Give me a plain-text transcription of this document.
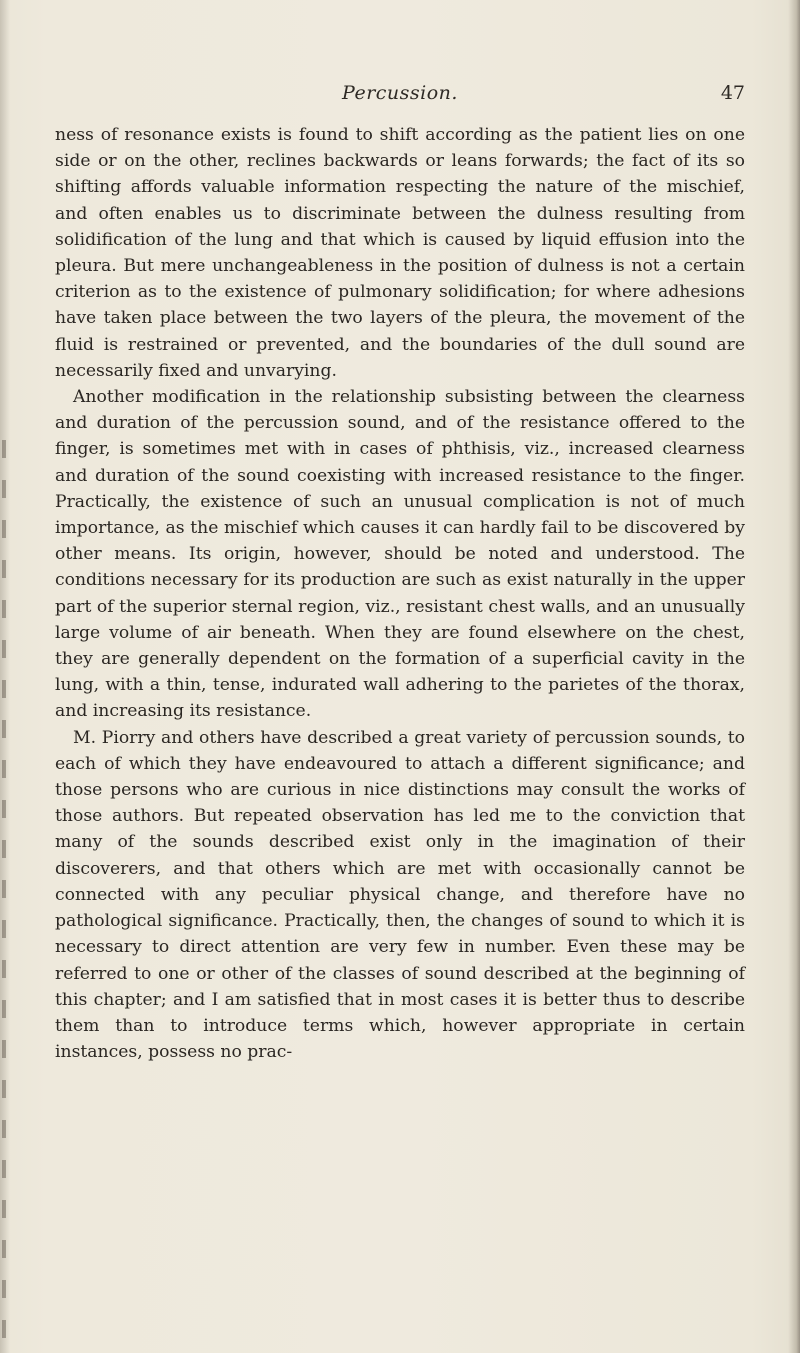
Percussion.	47

ness of resonance exists is found to shift according as the patient lies on one side or on the other, reclines backwards or leans forwards; the fact of its so shifting affords valuable information respecting the nature of the mischief, and often enables us to discriminate between the dulness resulting from solidification of the lung and that which is caused by liquid effusion into the pleura. But mere unchangeableness in the position of dulness is not a certain criterion as to the existence of pulmonary solidification; for where adhesions have taken place between the two layers of the pleura, the movement of the fluid is restrained or prevented, and the boundaries of the dull sound are necessarily fixed and unvarying.

Another modification in the relationship subsisting between the clearness and duration of the percussion sound, and of the resistance offered to the finger, is sometimes met with in cases of phthisis, viz., increased clearness and duration of the sound coexisting with increased resistance to the finger. Practically, the existence of such an unusual complication is not of much importance, as the mischief which causes it can hardly fail to be discovered by other means. Its origin, however, should be noted and understood. The conditions necessary for its production are such as exist naturally in the upper part of the superior sternal region, viz., resistant chest walls, and an unusually large volume of air beneath. When they are found elsewhere on the chest, they are generally dependent on the formation of a superficial cavity in the lung, with a thin, tense, indurated wall adhering to the parietes of the thorax, and increasing its resistance.

M. Piorry and others have described a great variety of percussion sounds, to each of which they have endeavoured to attach a different significance; and those persons who are curious in nice distinctions may consult the works of those authors. But repeated observation has led me to the conviction that many of the sounds described exist only in the imagination of their discoverers, and that others which are met with occasionally cannot be connected with any peculiar physical change, and therefore have no pathological significance. Practically, then, the changes of sound to which it is necessary to direct attention are very few in number. Even these may be referred to one or other of the classes of sound described at the beginning of this chapter; and I am satisfied that in most cases it is better thus to describe them than to introduce terms which, however appropriate in certain instances, possess no prac-
